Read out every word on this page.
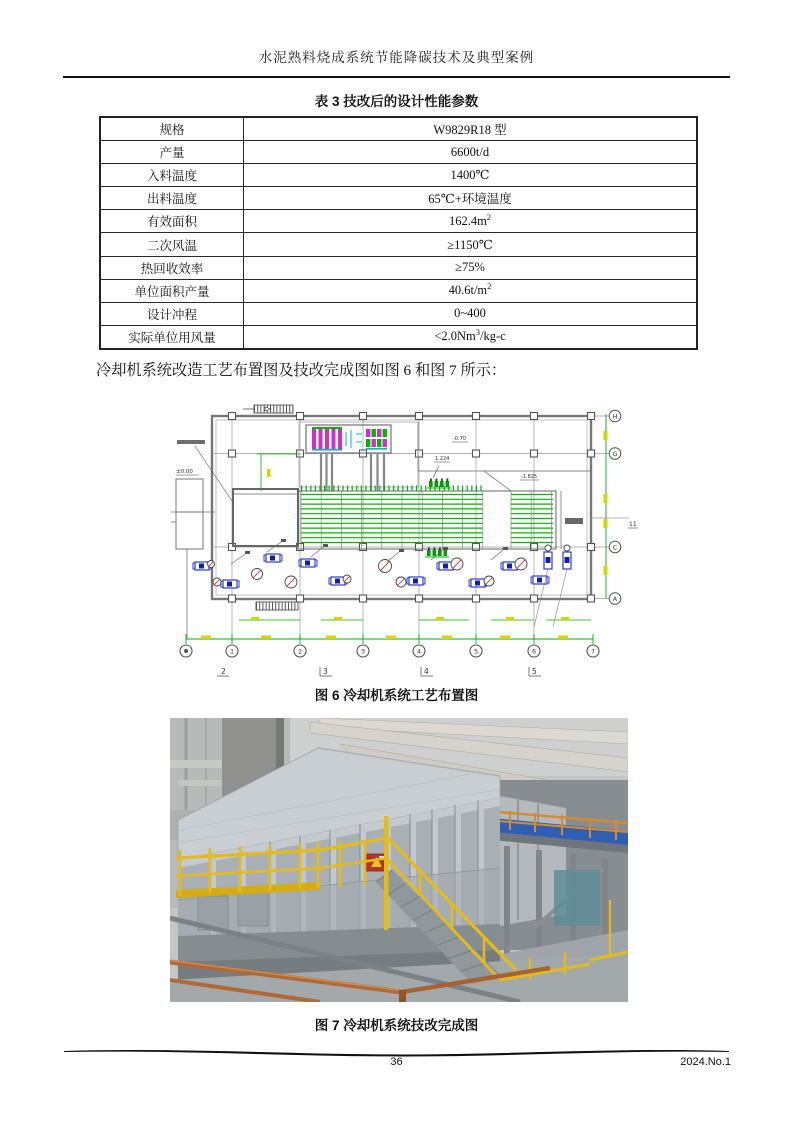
水泥熟料烧成系统节能降碳技术及典型案例
表 3 技改后的设计性能参数
规格	W9829R18 型
产量	6600t/d
入料温度	1400℃
出料温度	65℃+环境温度
有效面积	$162.4m^2$
二次风温	≥1150℃
热回收效率	≥75%
单位面积产量	$40.6t/m^2$
设计冲程	0~400
实际单位用风量	$<2.0Nm^3/kg-c$
冷却机系统改造工艺布置图及技改完成图如图 6 和图 7 所示：
±0.00
-0.70
1.224
-1.825
11
H
G
C
A
1	2	3	4	5	6	7
2	3	4	5
图 6 冷却机系统工艺布置图
图 7 冷却机系统技改完成图
36	2024.No.1
